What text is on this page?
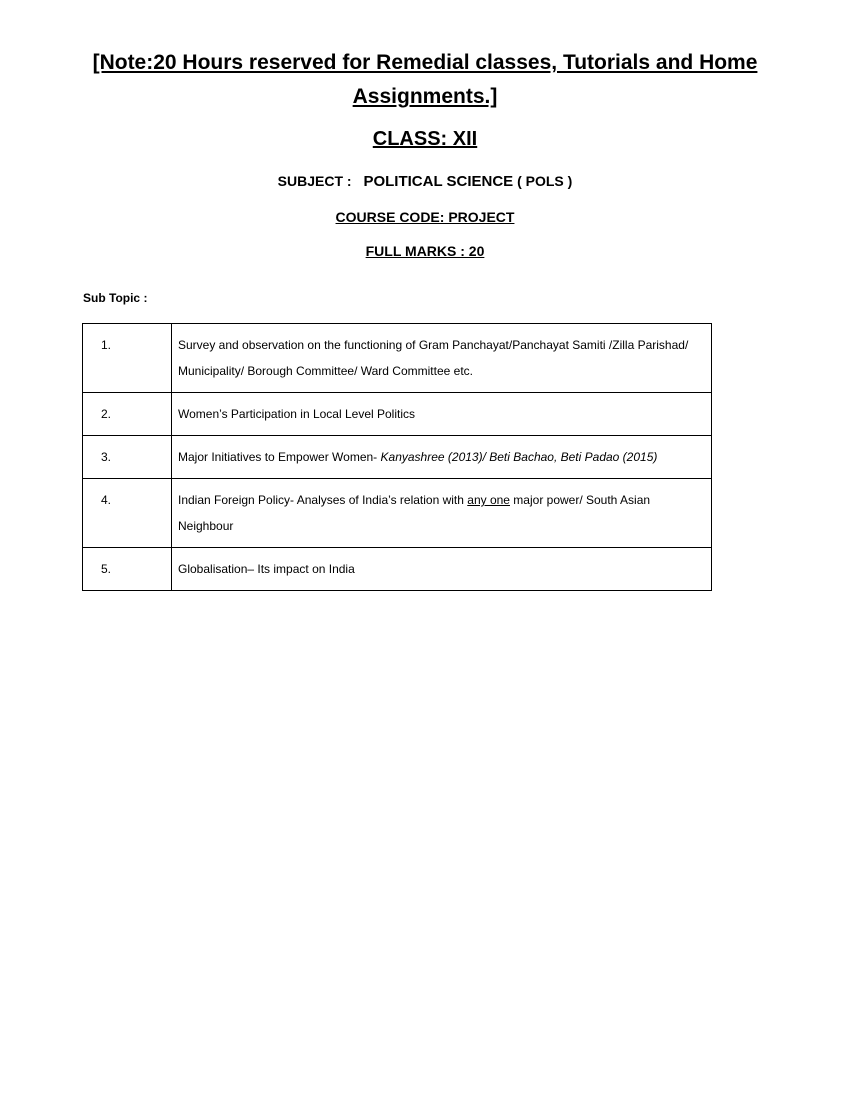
[Note:20 Hours reserved for Remedial classes, Tutorials and Home Assignments.]
CLASS: XII
SUBJECT : POLITICAL SCIENCE ( POLS )
COURSE CODE: PROJECT
FULL MARKS : 20
Sub Topic :
1.	Survey and observation on the functioning of Gram Panchayat/Panchayat Samiti /Zilla Parishad/ Municipality/ Borough Committee/ Ward Committee etc.
2.	Women’s Participation in Local Level Politics
3.	Major Initiatives to Empower Women- Kanyashree (2013)/ Beti Bachao, Beti Padao (2015)
4.	Indian Foreign Policy- Analyses of India’s relation with any one major power/ South Asian Neighbour
5.	Globalisation– Its impact on India
